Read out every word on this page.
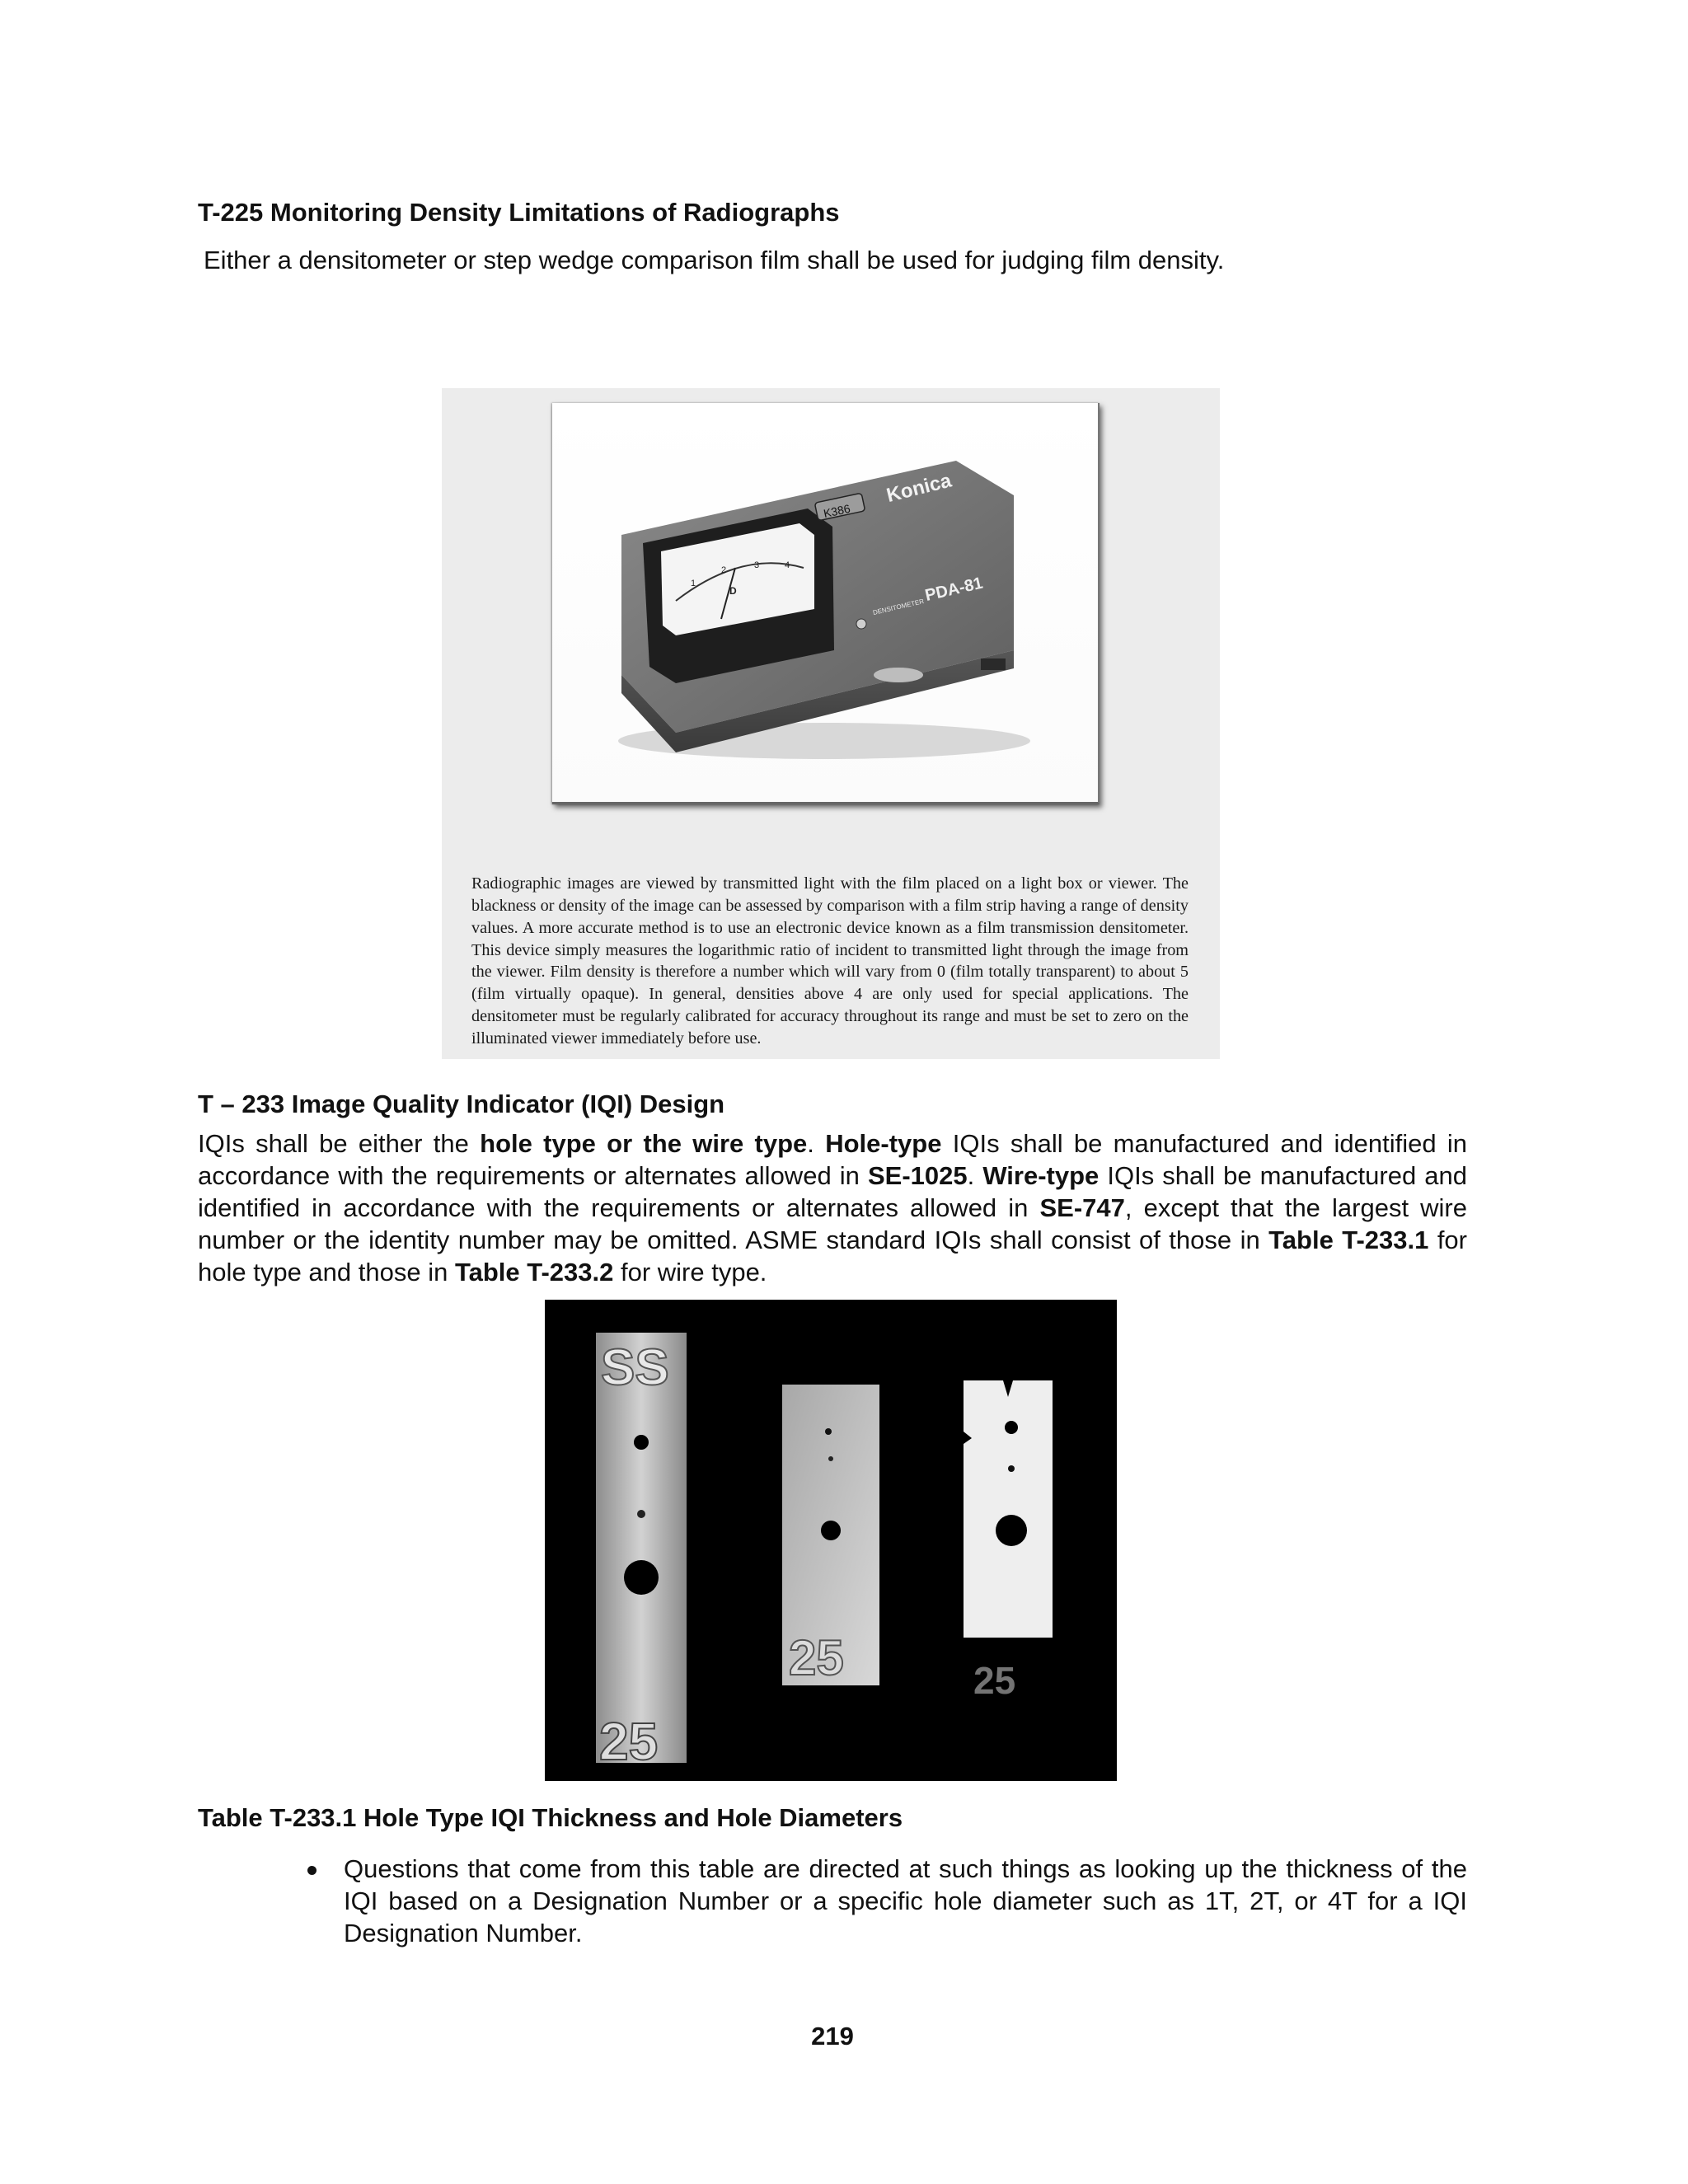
T-225 Monitoring Density Limitations of Radiographs

Either a densitometer or step wedge comparison film shall be used for judging film density.

1
2	3	4
D
K386
Konica
DENSITOMETER
PDA-81

Radiographic images are viewed by transmitted light with the film placed on a light box or viewer. The blackness or density of the image can be assessed by comparison with a film strip having a range of density values. A more accurate method is to use an electronic device known as a film transmission densitometer. This device simply measures the logarithmic ratio of incident to transmitted light through the image from the viewer. Film density is therefore a number which will vary from 0 (film totally transparent) to about 5 (film virtually opaque). In general, densities above 4 are only used for special applications. The densitometer must be regularly calibrated for accuracy throughout its range and must be set to zero on the illuminated viewer immediately before use.

T – 233 Image Quality Indicator (IQI) Design

IQIs shall be either the hole type or the wire type. Hole-type IQIs shall be manufactured and identified in accordance with the requirements or alternates allowed in SE-1025. Wire-type IQIs shall be manufactured and identified in accordance with the requirements or alternates allowed in SE-747, except that the largest wire number or the identity number may be omitted. ASME standard IQIs shall consist of those in Table T-233.1 for hole type and those in Table T-233.2 for wire type.

SS
25
25	25
Table T-233.1 Hole Type IQI Thickness and Hole Diameters
Questions that come from this table are directed at such things as looking up the thickness of the IQI based on a Designation Number or a specific hole diameter such as 1T, 2T, or 4T for a IQI Designation Number.
219
